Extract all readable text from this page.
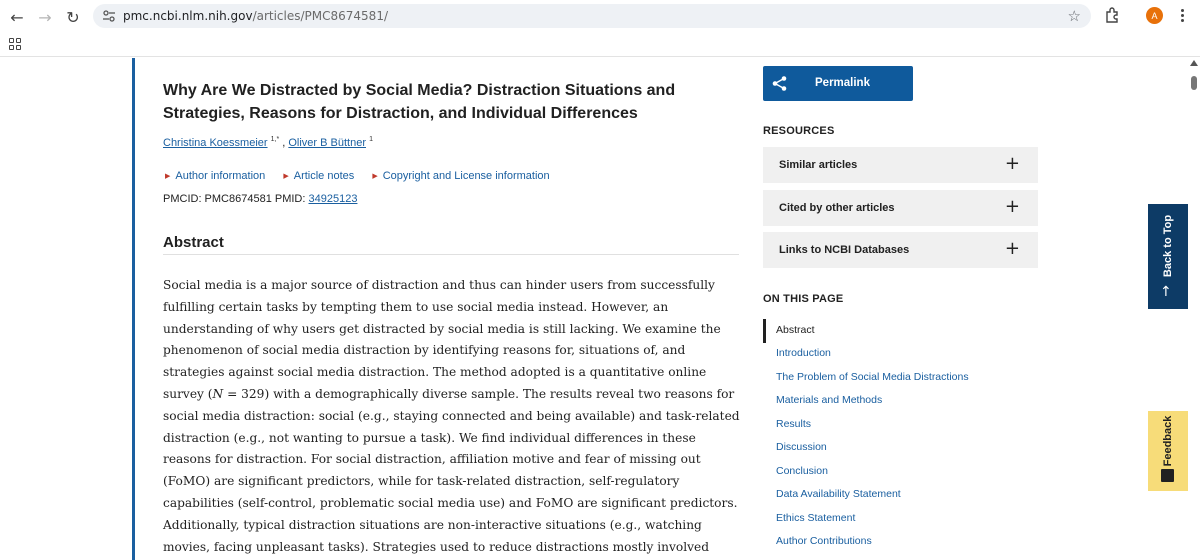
← → ↻	pmc.ncbi.nlm.nih.gov/articles/PMC8674581/	☆	A
Why Are We Distracted by Social Media? Distraction Situations and Strategies, Reasons for Distraction, and Individual Differences
Christina Koessmeier $^{1,*}$ , Oliver B Büttner $^1$
▶ Author information	▶ Article notes	▶ Copyright and License information
PMCID: PMC8674581 PMID: 34925123
Abstract

Social media is a major source of distraction and thus can hinder users from successfully fulfilling certain tasks by tempting them to use social media instead. However, an understanding of why users get distracted by social media is still lacking. We examine the phenomenon of social media distraction by identifying reasons for, situations of, and strategies against social media distraction. The method adopted is a quantitative online survey (N = 329) with a demographically diverse sample. The results reveal two reasons for social media distraction: social (e.g., staying connected and being available) and task-related distraction (e.g., not wanting to pursue a task). We find individual differences in these reasons for distraction. For social distraction, affiliation motive and fear of missing out (FoMO) are significant predictors, while for task-related distraction, self-regulatory capabilities (self-control, problematic social media use) and FoMO are significant predictors. Additionally, typical distraction situations are non-interactive situations (e.g., watching movies, facing unpleasant tasks). Strategies used to reduce distractions mostly involved

Permalink
RESOURCES
Similar articles	+
Cited by other articles	+
Links to NCBI Databases	+
ON THIS PAGE
Abstract
Introduction
The Problem of Social Media Distractions
Materials and Methods
Results
Discussion
Conclusion
Data Availability Statement
Ethics Statement
Author Contributions
Back to Top
↑
Feedback
